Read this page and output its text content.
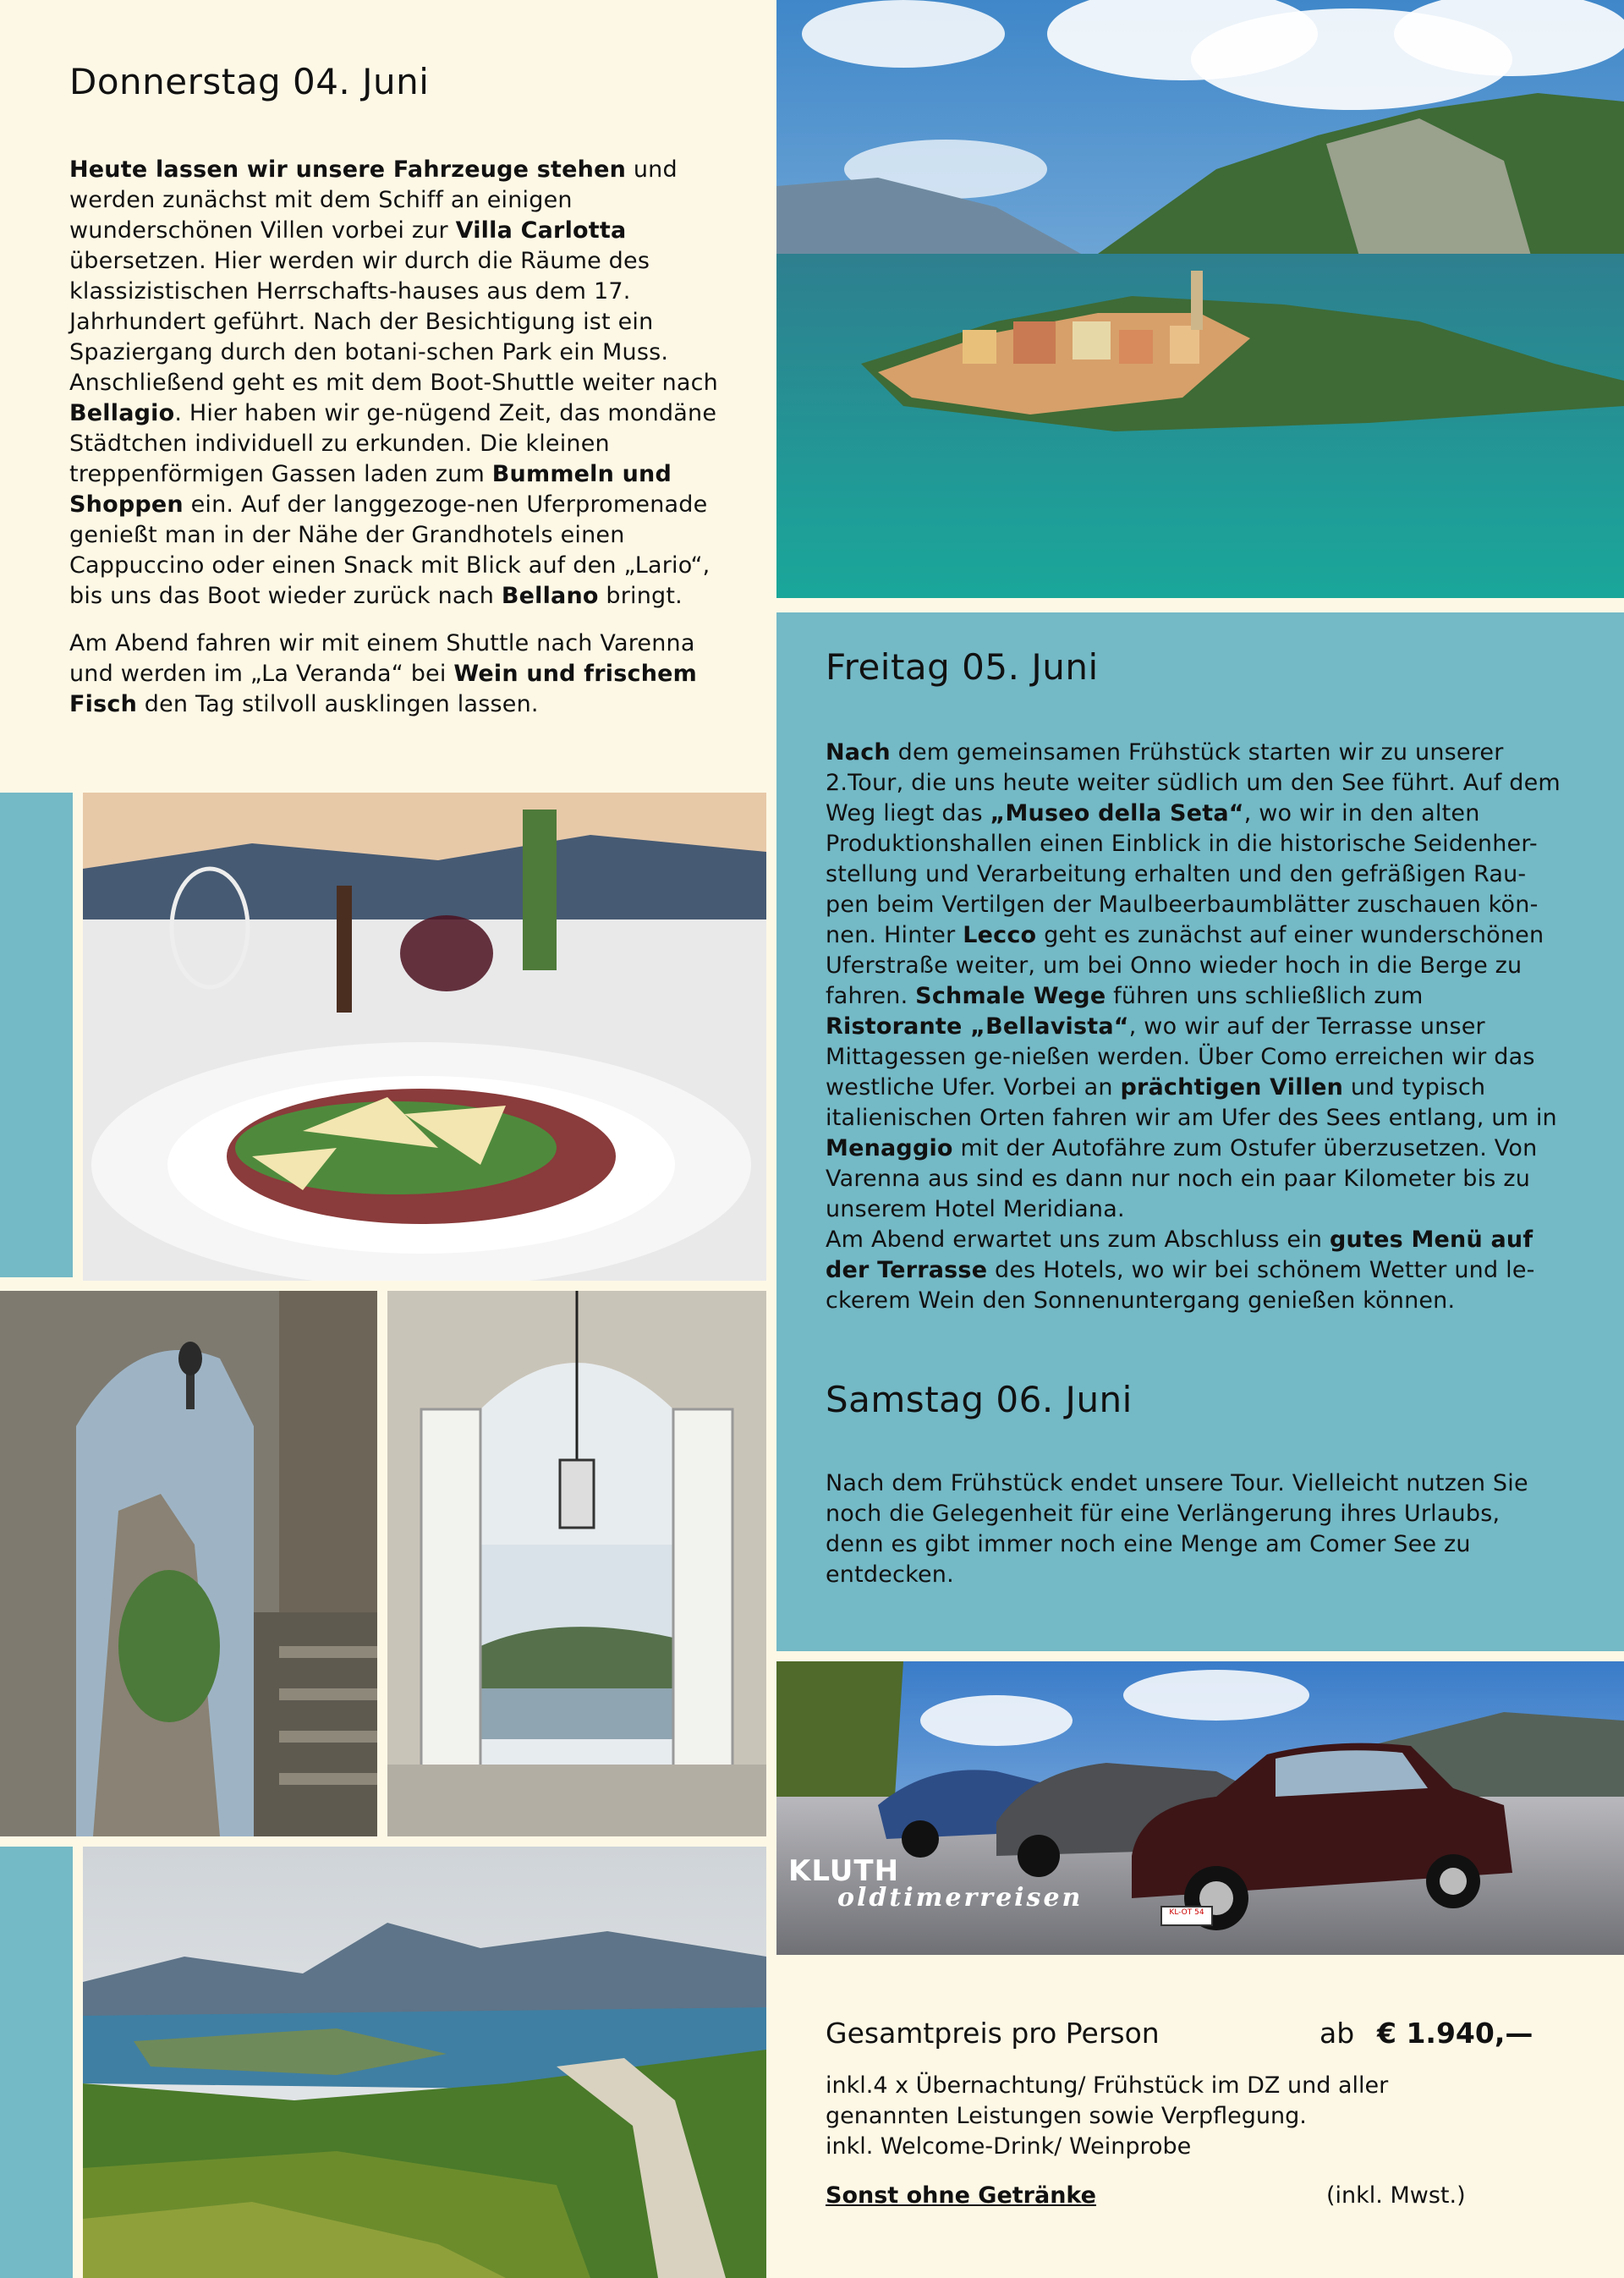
Donnerstag 04. Juni

Heute lassen wir unsere Fahrzeuge stehen und werden zunächst mit dem Schiff an einigen wunderschönen Villen vorbei zur Villa Carlotta übersetzen. Hier werden wir durch die Räume des klassizistischen Herrschafts-hauses aus dem 17. Jahrhundert geführt. Nach der Besichtigung ist ein Spaziergang durch den botani-schen Park ein Muss. Anschließend geht es mit dem Boot-Shuttle weiter nach Bellagio. Hier haben wir ge-nügend Zeit, das mondäne Städtchen individuell zu erkunden. Die kleinen treppenförmigen Gassen laden zum Bummeln und Shoppen ein. Auf der langgezoge-nen Uferpromenade genießt man in der Nähe der Grandhotels einen Cappuccino oder einen Snack mit Blick auf den „Lario“, bis uns das Boot wieder zurück nach Bellano bringt.

Am Abend fahren wir mit einem Shuttle nach Varenna und werden im „La Veranda“ bei Wein und frischem Fisch den Tag stilvoll ausklingen lassen.

Freitag 05. Juni

Nach dem gemeinsamen Frühstück starten wir zu unserer 2.Tour, die uns heute weiter südlich um den See führt. Auf dem Weg liegt das „Museo della Seta“, wo wir in den alten Produktionshallen einen Einblick in die historische Seidenher-stellung und Verarbeitung erhalten und den gefräßigen Rau-pen beim Vertilgen der Maulbeerbaumblätter zuschauen kön-nen. Hinter Lecco geht es zunächst auf einer wunderschönen Uferstraße weiter, um bei Onno wieder hoch in die Berge zu fahren. Schmale Wege führen uns schließlich zum Ristorante „Bellavista“, wo wir auf der Terrasse unser Mittagessen ge-nießen werden. Über Como erreichen wir das westliche Ufer. Vorbei an prächtigen Villen und typisch italienischen Orten fahren wir am Ufer des Sees entlang, um in Menaggio mit der Autofähre zum Ostufer überzusetzen. Von Varenna aus sind es dann nur noch ein paar Kilometer bis zu unserem Hotel Meridiana.

Am Abend erwartet uns zum Abschluss ein gutes Menü auf der Terrasse des Hotels, wo wir bei schönem Wetter und le-ckerem Wein den Sonnenuntergang genießen können.

Samstag 06. Juni

Nach dem Frühstück endet unsere Tour. Vielleicht nutzen Sie noch die Gelegenheit für eine Verlängerung ihres Urlaubs, denn es gibt immer noch eine Menge am Comer See zu entdecken.

KL-OT 54
KLUTH
oldtimerreisen
Gesamtpreis pro Person	ab € 1.940,—
inkl.4 x Übernachtung/ Frühstück im DZ und aller
genannten Leistungen sowie Verpflegung.
inkl. Welcome-Drink/ Weinprobe
Sonst ohne Getränke	(inkl. Mwst.)
